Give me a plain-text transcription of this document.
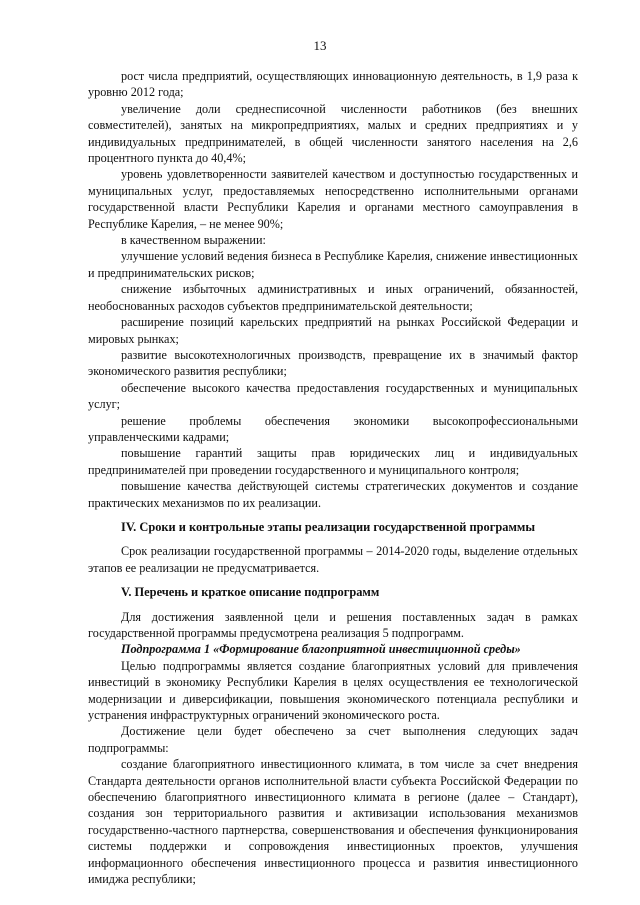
13

рост числа предприятий, осуществляющих инновационную деятельность, в 1,9 раза к уровню 2012 года;

увеличение доли среднесписочной численности работников (без внешних совместителей), занятых на микропредприятиях, малых и средних предприятиях и у индивидуальных предпринимателей, в общей численности занятого населения на 2,6 процентного пункта до 40,4%;

уровень удовлетворенности заявителей качеством и доступностью государственных и муниципальных услуг, предоставляемых непосредственно исполнительными органами государственной власти Республики Карелия и органами местного самоуправления в Республике Карелия, – не менее 90%;

в качественном выражении:

улучшение условий ведения бизнеса в Республике Карелия, снижение инвестиционных и предпринимательских рисков;

снижение избыточных административных и иных ограничений, обязанностей, необоснованных расходов субъектов предпринимательской деятельности;

расширение позиций карельских предприятий на рынках Российской Федерации и мировых рынках;

развитие высокотехнологичных производств, превращение их в значимый фактор экономического развития республики;

обеспечение высокого качества предоставления государственных и муниципальных услуг;

решение проблемы обеспечения экономики высокопрофессиональными управленческими кадрами;

повышение гарантий защиты прав юридических лиц и индивидуальных предпринимателей при проведении государственного и муниципального контроля;

повышение качества действующей системы стратегических документов и создание практических механизмов по их реализации.

IV. Сроки и контрольные этапы реализации государственной программы

Срок реализации государственной программы – 2014-2020 годы, выделение отдельных этапов ее реализации не предусматривается.

V. Перечень и краткое описание подпрограмм

Для достижения заявленной цели и решения поставленных задач в рамках государственной программы предусмотрена реализация 5 подпрограмм.

Подпрограмма 1 «Формирование благоприятной инвестиционной среды»

Целью подпрограммы является создание благоприятных условий для привлечения инвестиций в экономику Республики Карелия в целях осуществления ее технологической модернизации и диверсификации, повышения экономического потенциала республики и устранения инфраструктурных ограничений экономического роста.

Достижение цели будет обеспечено за счет выполнения следующих задач подпрограммы:

создание благоприятного инвестиционного климата, в том числе за счет внедрения Стандарта деятельности органов исполнительной власти субъекта Российской Федерации по обеспечению благоприятного инвестиционного климата в регионе (далее – Стандарт), создания зон территориального развития и активизации использования механизмов государственно-частного партнерства, совершенствования и обеспечения функционирования системы поддержки и сопровождения инвестиционных проектов, улучшения информационного обеспечения инвестиционного процесса и развития инвестиционного имиджа республики;
